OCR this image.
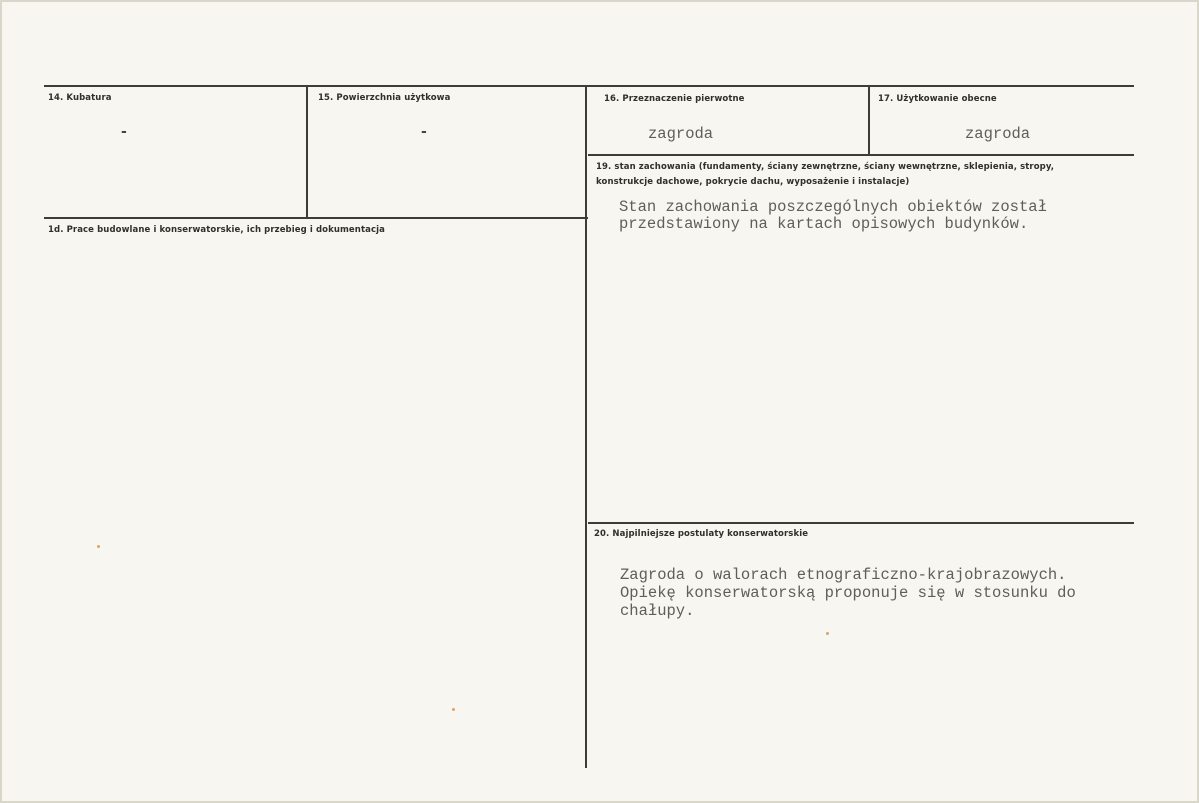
14. Kubatura
-
15. Powierzchnia użytkowa
-
16. Przeznaczenie pierwotne
zagroda
17. Użytkowanie obecne
zagroda
1d. Prace budowlane i konserwatorskie, ich przebieg i dokumentacja
19. stan zachowania (fundamenty, ściany zewnętrzne, ściany wewnętrzne, sklepienia, stropy, konstrukcje dachowe, pokrycie dachu, wyposażenie i instalacje)
Stan zachowania poszczególnych obiektów został
przedstawiony na kartach opisowych budynków.
20. Najpilniejsze postulaty konserwatorskie
Zagroda o walorach etnograficzno-krajobrazowych.
Opiekę konserwatorską proponuje się w stosunku do
chałupy.
